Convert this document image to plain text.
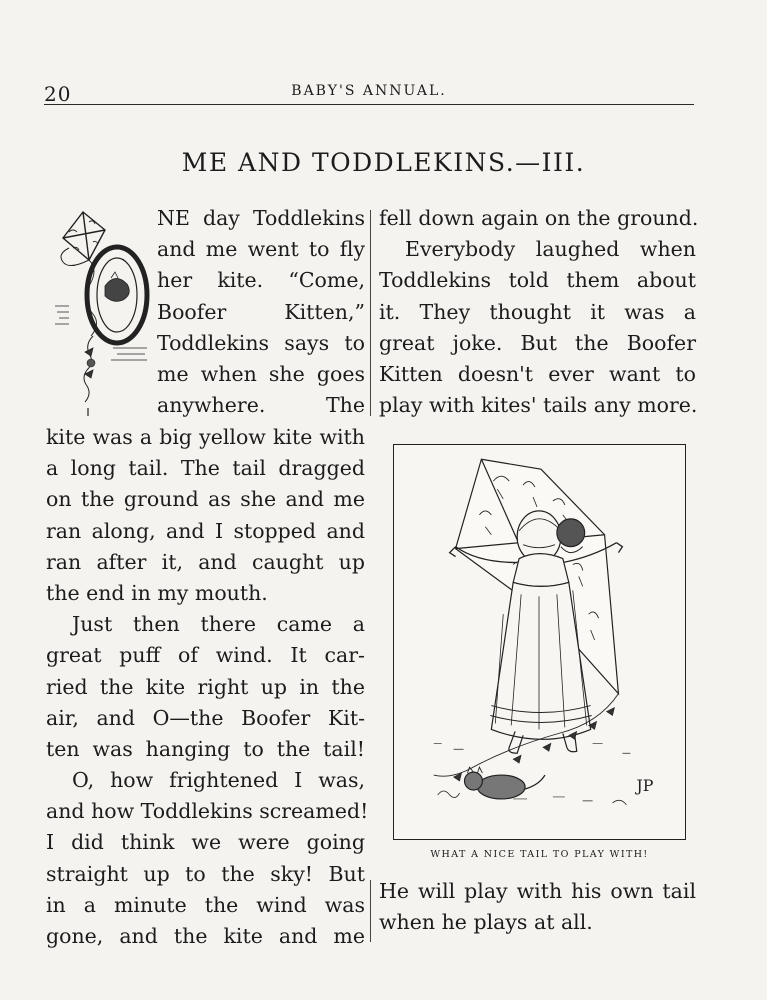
20	BABY'S ANNUAL.
ME AND TODDLEKINS.—III.
O
NE day Toddlekins
and me went to fly
her kite. “Come,
Boofer Kitten,”
Toddlekins says to
me when she goes
anywhere. The
kite was a big yellow kite with
a long tail. The tail dragged
on the ground as she and me
ran along, and I stopped and
ran after it, and caught up
the end in my mouth.
Just then there came a
great puff of wind. It car-
ried the kite right up in the
air, and O—the Boofer Kit-
ten was hanging to the tail!
O, how frightened I was,
and how Toddlekins screamed!
I did think we were going
straight up to the sky! But
in a minute the wind was
gone, and the kite and me
fell down again on the ground.
Everybody laughed when
Toddlekins told them about
it. They thought it was a
great joke. But the Boofer
Kitten doesn't ever want to
play with kites' tails any more.
JP
WHAT A NICE TAIL TO PLAY WITH!
He will play with his own tail
when he plays at all.
